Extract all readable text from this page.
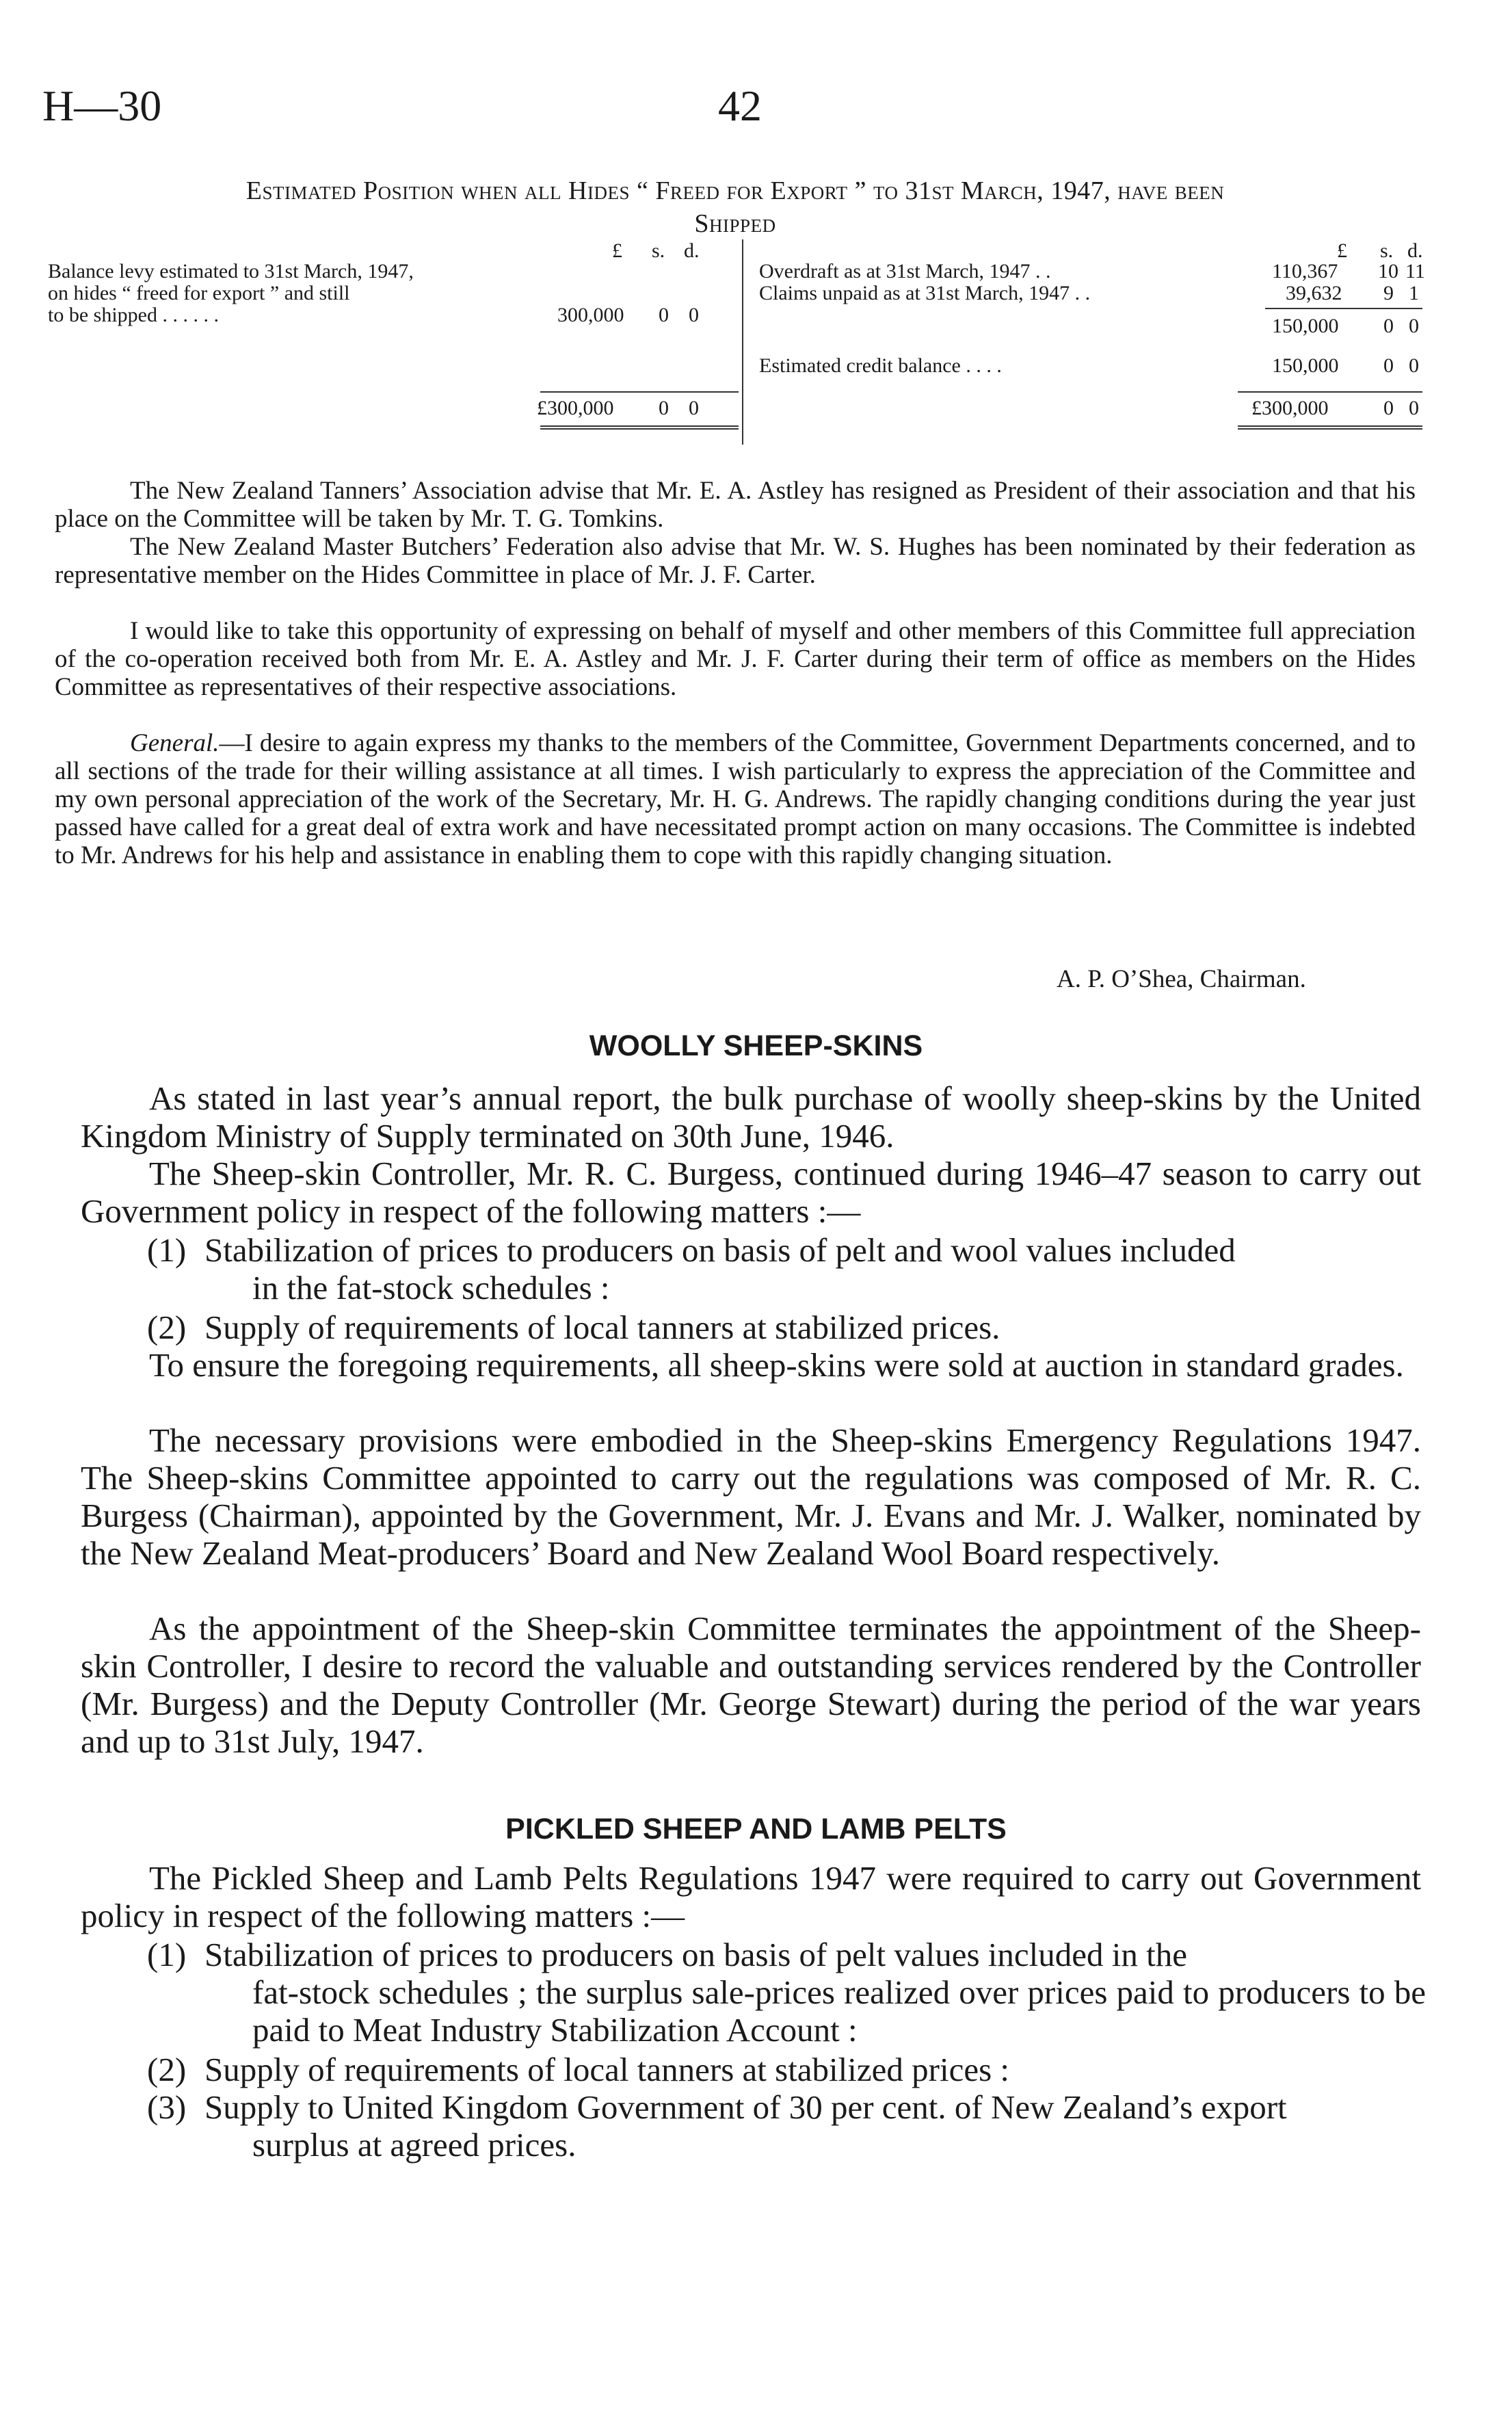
H—30	42
Estimated Position when all Hides “ Freed for Export ” to 31st March, 1947, have been
Shipped
£ s. d.
Balance levy estimated to 31st March, 1947,
on hides “ freed for export ” and still
to be shipped . . . . . .	300,000 0 0
£300,000 0 0
£ s. d.
Overdraft as at 31st March, 1947 . .	110,367 10 11
Claims unpaid as at 31st March, 1947 . .	39,632 9 1
150,000 0 0
Estimated credit balance . . . .	150,000 0 0
£300,000	0 0
The New Zealand Tanners’ Association advise that Mr. E. A. Astley has resigned as President of their association and that his place on the Committee will be taken by Mr. T. G. Tomkins.
The New Zealand Master Butchers’ Federation also advise that Mr. W. S. Hughes has been nominated by their federation as representative member on the Hides Committee in place of Mr. J. F. Carter.
I would like to take this opportunity of expressing on behalf of myself and other members of this Committee full appreciation of the co-operation received both from Mr. E. A. Astley and Mr. J. F. Carter during their term of office as members on the Hides Committee as representatives of their respective associations.
General.—I desire to again express my thanks to the members of the Committee, Government Departments concerned, and to all sections of the trade for their willing assistance at all times. I wish particularly to express the appreciation of the Committee and my own personal appreciation of the work of the Secretary, Mr. H. G. Andrews. The rapidly changing conditions during the year just passed have called for a great deal of extra work and have necessitated prompt action on many occasions. The Committee is indebted to Mr. Andrews for his help and assistance in enabling them to cope with this rapidly changing situation.
A. P. O’Shea, Chairman.
WOOLLY SHEEP-SKINS
As stated in last year’s annual report, the bulk purchase of woolly sheep-skins by the United Kingdom Ministry of Supply terminated on 30th June, 1946.
The Sheep-skin Controller, Mr. R. C. Burgess, continued during 1946–47 season to carry out Government policy in respect of the following matters :—
(1) Stabilization of prices to producers on basis of pelt and wool values included
in the fat-stock schedules :
(2) Supply of requirements of local tanners at stabilized prices.
To ensure the foregoing requirements, all sheep-skins were sold at auction in standard grades.
The necessary provisions were embodied in the Sheep-skins Emergency Regulations 1947. The Sheep-skins Committee appointed to carry out the regulations was composed of Mr. R. C. Burgess (Chairman), appointed by the Government, Mr. J. Evans and Mr. J. Walker, nominated by the New Zealand Meat-producers’ Board and New Zealand Wool Board respectively.
As the appointment of the Sheep-skin Committee terminates the appointment of the Sheep-skin Controller, I desire to record the valuable and outstanding services rendered by the Controller (Mr. Burgess) and the Deputy Controller (Mr. George Stewart) during the period of the war years and up to 31st July, 1947.
PICKLED SHEEP AND LAMB PELTS
The Pickled Sheep and Lamb Pelts Regulations 1947 were required to carry out Government policy in respect of the following matters :—
(1) Stabilization of prices to producers on basis of pelt values included in the
fat-stock schedules ; the surplus sale-prices realized over prices paid to producers to be paid to Meat Industry Stabilization Account :
(2) Supply of requirements of local tanners at stabilized prices :
(3) Supply to United Kingdom Government of 30 per cent. of New Zealand’s export
surplus at agreed prices.
